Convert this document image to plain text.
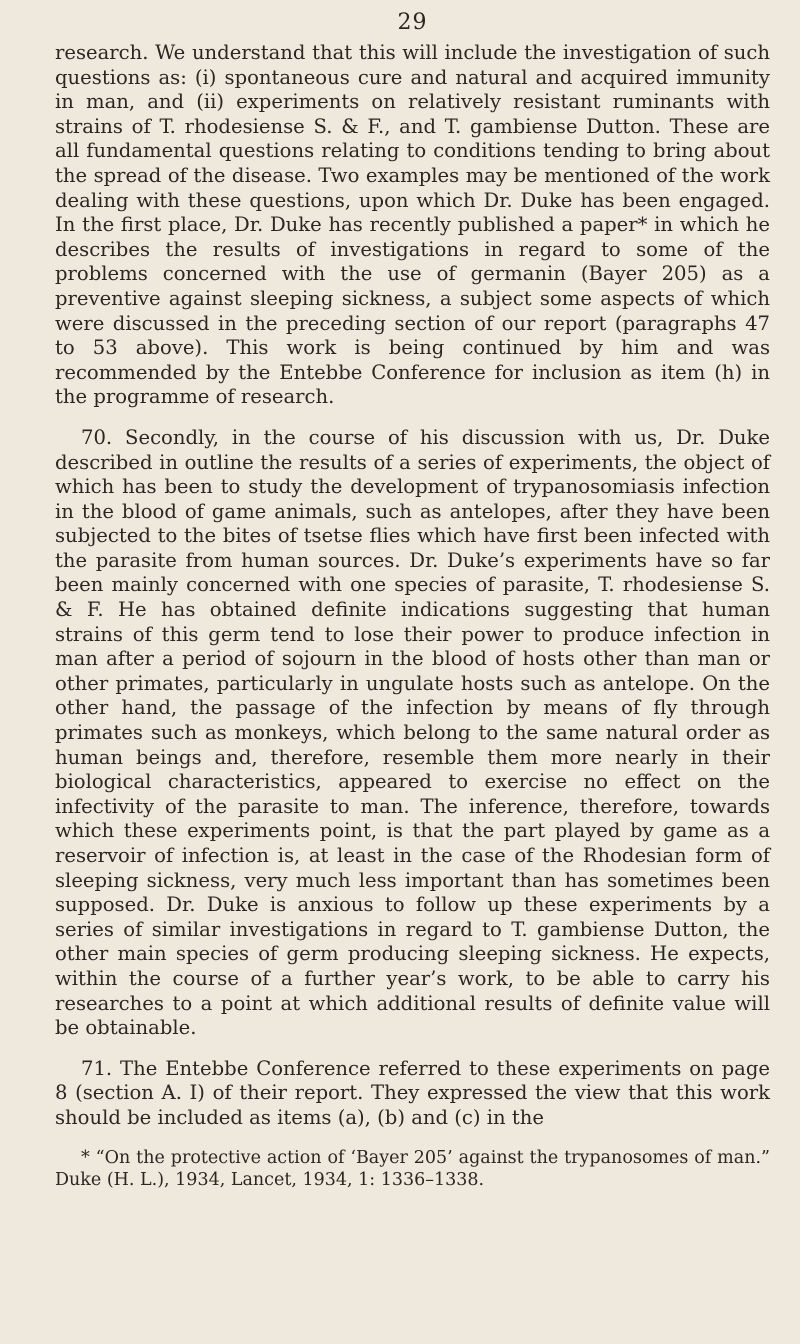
29

research. We understand that this will include the investigation of such questions as: (i) spontaneous cure and natural and acquired immunity in man, and (ii) experiments on relatively resistant ruminants with strains of T. rhodesiense S. & F., and T. gambiense Dutton. These are all fundamental questions relating to conditions tending to bring about the spread of the disease. Two examples may be mentioned of the work dealing with these questions, upon which Dr. Duke has been engaged. In the first place, Dr. Duke has recently published a paper* in which he describes the results of investigations in regard to some of the problems concerned with the use of germanin (Bayer 205) as a preventive against sleeping sickness, a subject some aspects of which were discussed in the preceding section of our report (paragraphs 47 to 53 above). This work is being continued by him and was recommended by the Entebbe Conference for inclusion as item (h) in the programme of research.

70. Secondly, in the course of his discussion with us, Dr. Duke described in outline the results of a series of experiments, the object of which has been to study the development of trypanosomiasis infection in the blood of game animals, such as antelopes, after they have been subjected to the bites of tsetse flies which have first been infected with the parasite from human sources. Dr. Duke’s experiments have so far been mainly concerned with one species of parasite, T. rhodesiense S. & F. He has obtained definite indications suggesting that human strains of this germ tend to lose their power to produce infection in man after a period of sojourn in the blood of hosts other than man or other primates, particularly in ungulate hosts such as antelope. On the other hand, the passage of the infection by means of fly through primates such as monkeys, which belong to the same natural order as human beings and, therefore, resemble them more nearly in their biological characteristics, appeared to exercise no effect on the infectivity of the parasite to man. The inference, therefore, towards which these experiments point, is that the part played by game as a reservoir of infection is, at least in the case of the Rhodesian form of sleeping sickness, very much less important than has sometimes been supposed. Dr. Duke is anxious to follow up these experiments by a series of similar investigations in regard to T. gambiense Dutton, the other main species of germ producing sleeping sickness. He expects, within the course of a further year’s work, to be able to carry his researches to a point at which additional results of definite value will be obtainable.

71. The Entebbe Conference referred to these experiments on page 8 (section A. I) of their report. They expressed the view that this work should be included as items (a), (b) and (c) in the

* “On the protective action of ‘Bayer 205’ against the trypanosomes of man.” Duke (H. L.), 1934, Lancet, 1934, 1: 1336–1338.
